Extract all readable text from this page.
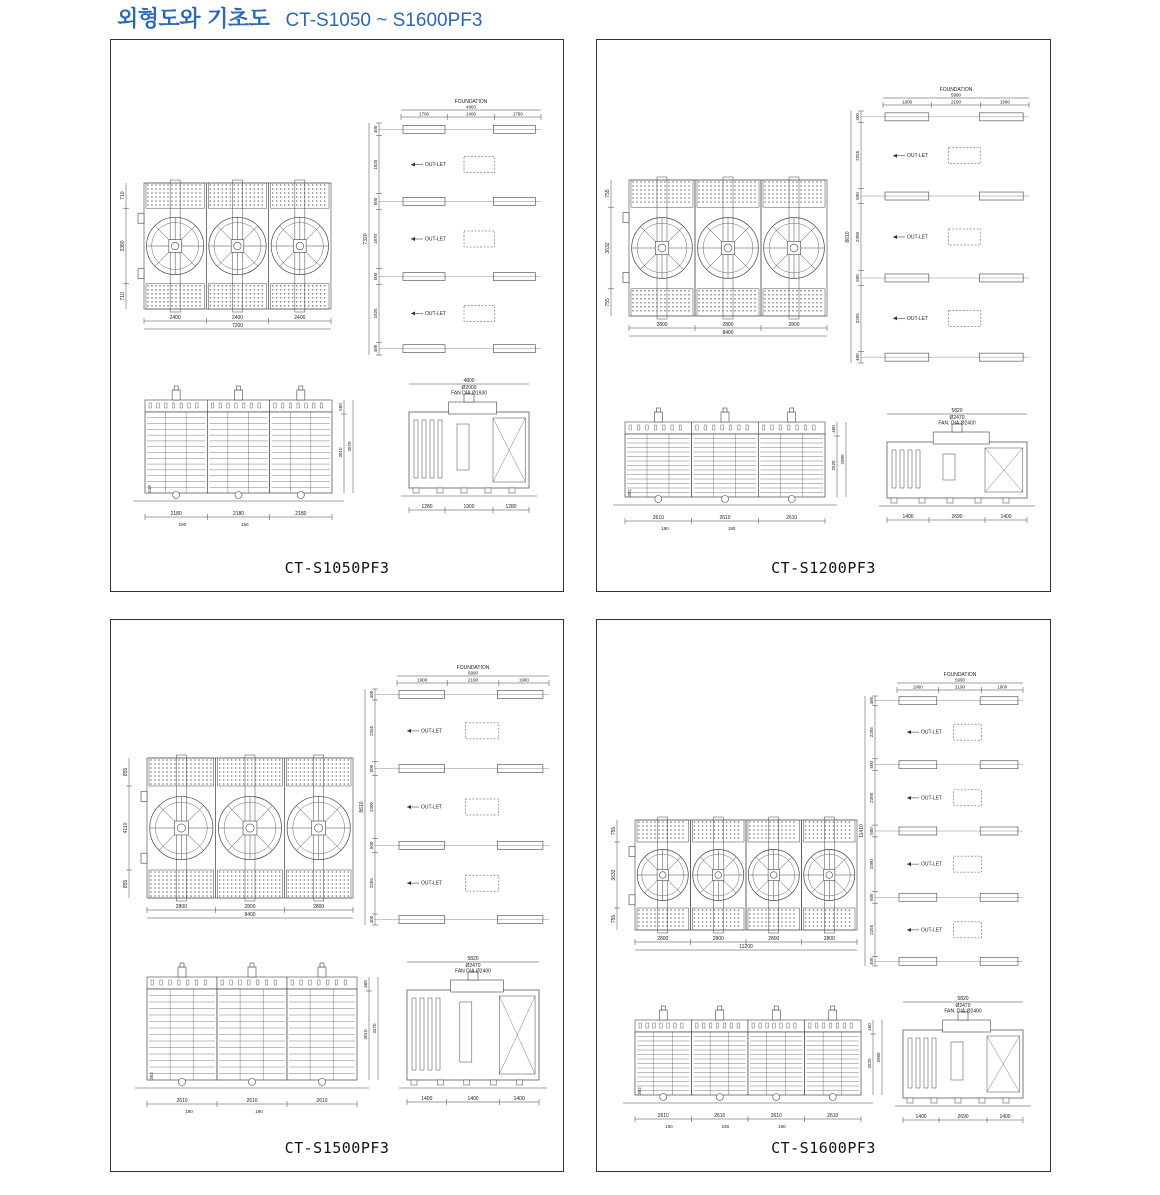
외형도와 기초도 CT-S1050 ~ S1600PF3
2400	2400	2400
7200
710
3380
710
FOUNDATION
4960
1780	1400	1780
7320
400
1825	OUT-LET
500
1870	OUT-LET
500
1825	OUT-LET
400
2180	2180	2180
190	190
248
560
3010
3570
4800
Ø2000
FAN DIA.Ø1930
1280	1900	1280
CT-S1050PF3
2800	2800	2800
8400
755
3632
755
FOUNDATION
5990
1900	2190	1900
8610
400
2255	OUT-LET
500
2300	OUT-LET
500
2255	OUT-LET
400
2610	2610	2610
190	190
302
460
2520
2980
5820
Ø2470
FAN. DIA.Ø2400
1400	2690	1400
CT-S1200PF3
2800	2800	2800
8400
855
4110
855
FOUNDATION
5990
1900	2190	1900
8610
400
2255	OUT-LET
500
2300	OUT-LET
500
2255	OUT-LET
400
2610	2610	2610
190	190
302
460
3010
3470
5820
Ø2470
FAN DIA.Ø2400
1400	1400	1400
CT-S1500PF3
2800	2800	2800	2800
11200
755
3632
755
FOUNDATION
5990
1900	2190	1900
11410
400
2255	OUT-LET
500
2300	OUT-LET
500
2300	OUT-LET
500
2255	OUT-LET
400
2610	2610	2610	2610
190	190	190
302
460
2520
2980
5820
Ø2470
FAN. DIA.Ø2400
1400	2690	1400
CT-S1600PF3
